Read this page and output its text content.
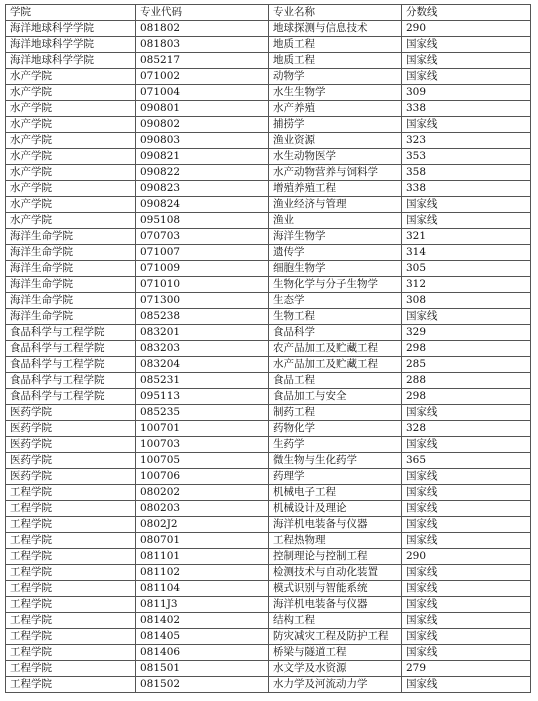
学院	专业代码	专业名称	分数线
海洋地球科学学院	081802	地球探测与信息技术	290
海洋地球科学学院	081803	地质工程	国家线
海洋地球科学学院	085217	地质工程	国家线
水产学院	071002	动物学	国家线
水产学院	071004	水生生物学	309
水产学院	090801	水产养殖	338
水产学院	090802	捕捞学	国家线
水产学院	090803	渔业资源	323
水产学院	090821	水生动物医学	353
水产学院	090822	水产动物营养与饲料学	358
水产学院	090823	增殖养殖工程	338
水产学院	090824	渔业经济与管理	国家线
水产学院	095108	渔业	国家线
海洋生命学院	070703	海洋生物学	321
海洋生命学院	071007	遗传学	314
海洋生命学院	071009	细胞生物学	305
海洋生命学院	071010	生物化学与分子生物学	312
海洋生命学院	071300	生态学	308
海洋生命学院	085238	生物工程	国家线
食品科学与工程学院	083201	食品科学	329
食品科学与工程学院	083203	农产品加工及贮藏工程	298
食品科学与工程学院	083204	水产品加工及贮藏工程	285
食品科学与工程学院	085231	食品工程	288
食品科学与工程学院	095113	食品加工与安全	298
医药学院	085235	制药工程	国家线
医药学院	100701	药物化学	328
医药学院	100703	生药学	国家线
医药学院	100705	微生物与生化药学	365
医药学院	100706	药理学	国家线
工程学院	080202	机械电子工程	国家线
工程学院	080203	机械设计及理论	国家线
工程学院	0802J2	海洋机电装备与仪器	国家线
工程学院	080701	工程热物理	国家线
工程学院	081101	控制理论与控制工程	290
工程学院	081102	检测技术与自动化装置	国家线
工程学院	081104	模式识别与智能系统	国家线
工程学院	0811J3	海洋机电装备与仪器	国家线
工程学院	081402	结构工程	国家线
工程学院	081405	防灾减灾工程及防护工程	国家线
工程学院	081406	桥梁与隧道工程	国家线
工程学院	081501	水文学及水资源	279
工程学院	081502	水力学及河流动力学	国家线
